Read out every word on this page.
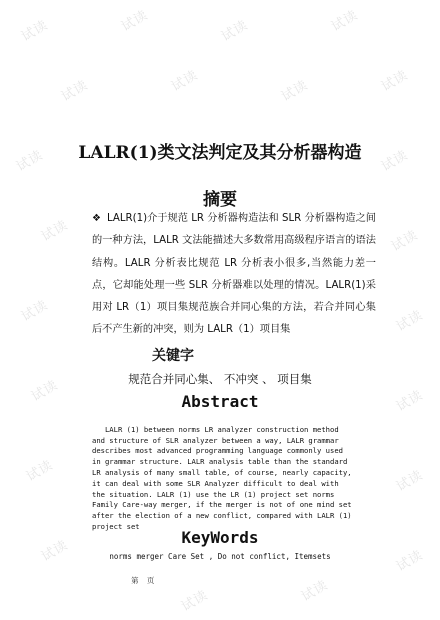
试读	试读	试读	试读
试读	试读	试读	试读
试读	试读
试读	试读
试读	试读
试读	试读
试读	试读
试读
试读	试读
试读
LALR(1)类文法判定及其分析器构造
摘要
❖ LALR(1)介于规范 LR 分析器构造法和 SLR 分析器构造之间的一种方法，LALR 文法能描述大多数常用高级程序语言的语法结构。LALR 分析表比规范 LR 分析表小很多,当然能力差一点，它却能处理一些 SLR 分析器难以处理的情况。LALR(1)采用对 LR（1）项目集规范族合并同心集的方法，若合并同心集后不产生新的冲突，则为 LALR（1）项目集
关键字
规范合并同心集、 不冲突 、 项目集
Abstract

LALR (1) between norms LR analyzer construction method
and structure of SLR analyzer between a way, LALR grammar
describes most advanced programming language commonly used
in grammar structure. LALR analysis table than the standard
LR analysis of many small table, of course, nearly capacity,
it can deal with some SLR Analyzer difficult to deal with
the situation. LALR (1) use the LR (1) project set norms
Family Care-way merger, if the merger is not of one mind set
after the election of a new conflict, compared with LALR (1)
project set

KeyWords
norms merger Care Set , Do not conflict, Itemsets
第 页
